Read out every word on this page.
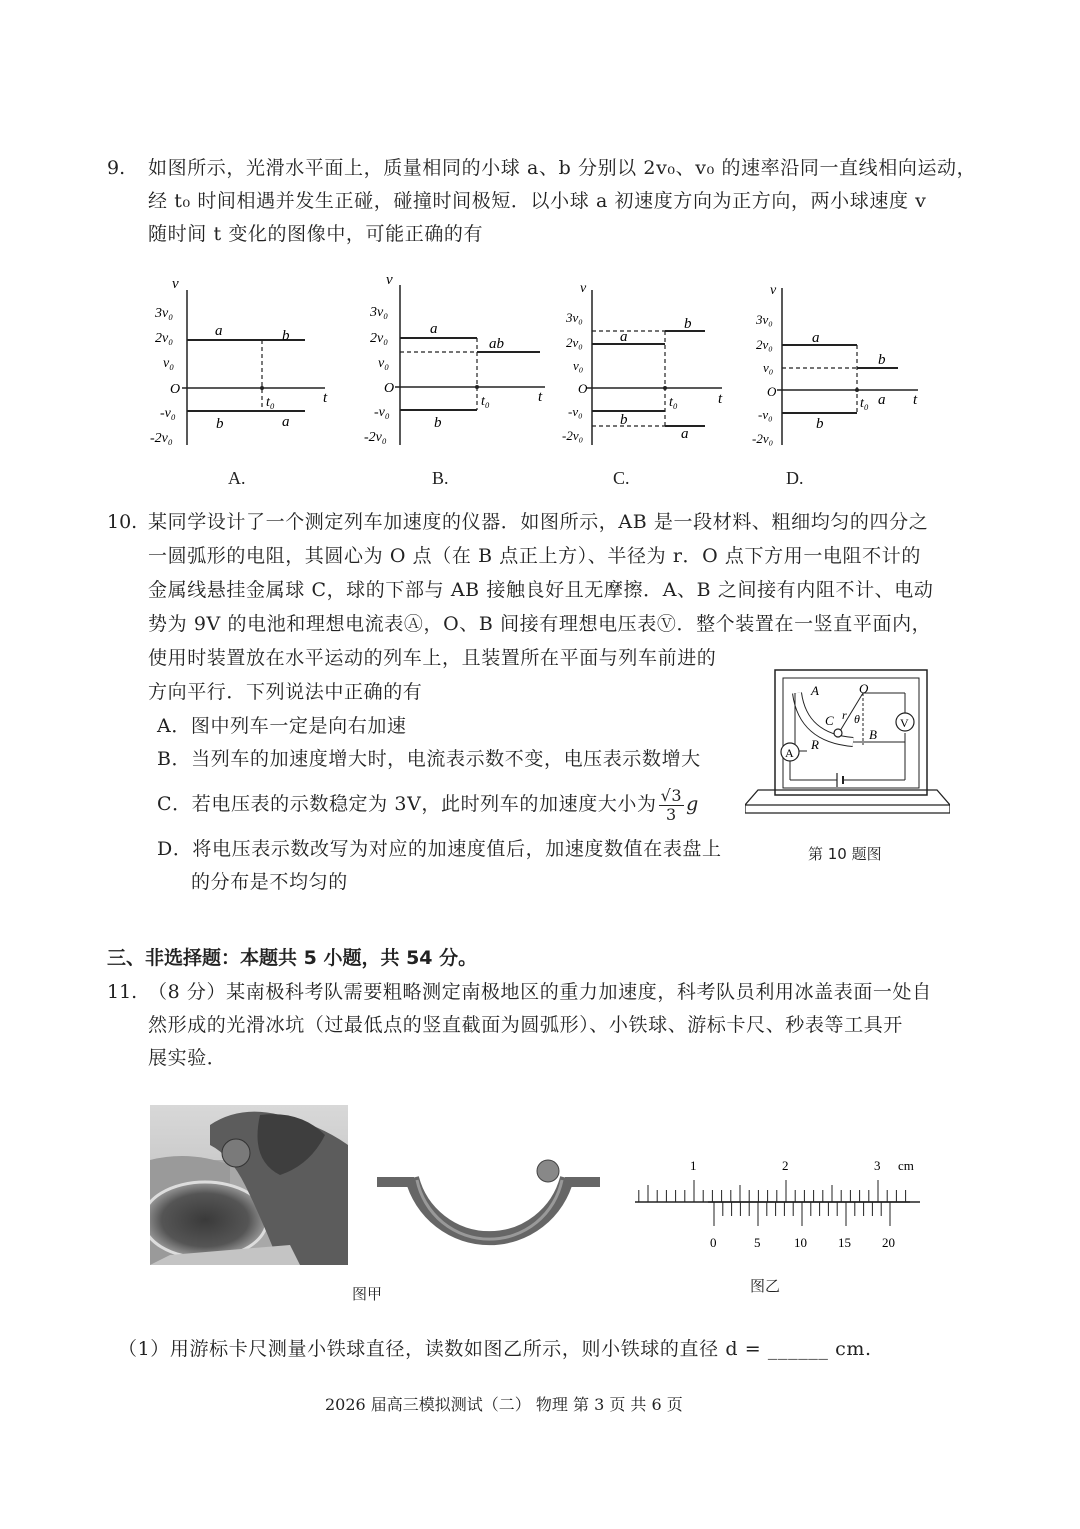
9. 如图所示，光滑水平面上，质量相同的小球 a、b 分别以 2v₀、v₀ 的速率沿同一直线相向运动，
经 t₀ 时间相遇并发生正碰，碰撞时间极短．以小球 a 初速度方向为正方向，两小球速度 v
随时间 t 变化的图像中，可能正确的有
v
t
3v₀
2v₀
v₀
O
-v₀
-2v₀
t₀
a	b
b	a
v
t
3v₀
2v₀
v₀
O
-v₀
-2v₀
t₀
a
ab
b
v
t
3v₀
2v₀
v₀
O
-v₀
-2v₀
t₀
a
b
b
a
v
t
3v₀
2v₀
v₀
O
-v₀
-2v₀
t₀
a
b
b
a
A.	B.	C.	D.
10. 某同学设计了一个测定列车加速度的仪器．如图所示，AB 是一段材料、粗细均匀的四分之
一圆弧形的电阻，其圆心为 O 点（在 B 点正上方）、半径为 r．O 点下方用一电阻不计的
金属线悬挂金属球 C，球的下部与 AB 接触良好且无摩擦．A、B 之间接有内阻不计、电动
势为 9V 的电池和理想电流表Ⓐ，O、B 间接有理想电压表Ⓥ．整个装置在一竖直平面内，
使用时装置放在水平运动的列车上，且装置所在平面与列车前进的
方向平行．下列说法中正确的有
A．图中列车一定是向右加速
B．当列车的加速度增大时，电流表示数不变，电压表示数增大
C．若电压表的示数稳定为 3V，此时列车的加速度大小为 $\frac{√3}{3}$ g
D．将电压表示数改写为对应的加速度值后，加速度数值在表盘上
的分布是不均匀的
V
A
A	O
C r θ
B
R
第 10 题图
三、非选择题：本题共 5 小题，共 54 分。
11. （8 分）某南极科考队需要粗略测定南极地区的重力加速度，科考队员利用冰盖表面一处自
然形成的光滑冰坑（过最低点的竖直截面为圆弧形）、小铁球、游标卡尺、秒表等工具开
展实验．
图甲
1	2	3 cm
0	5	10 15 20
图乙
（1）用游标卡尺测量小铁球直径，读数如图乙所示，则小铁球的直径 d = ______ cm.
2026 届高三模拟测试（二） 物理 第 3 页 共 6 页
